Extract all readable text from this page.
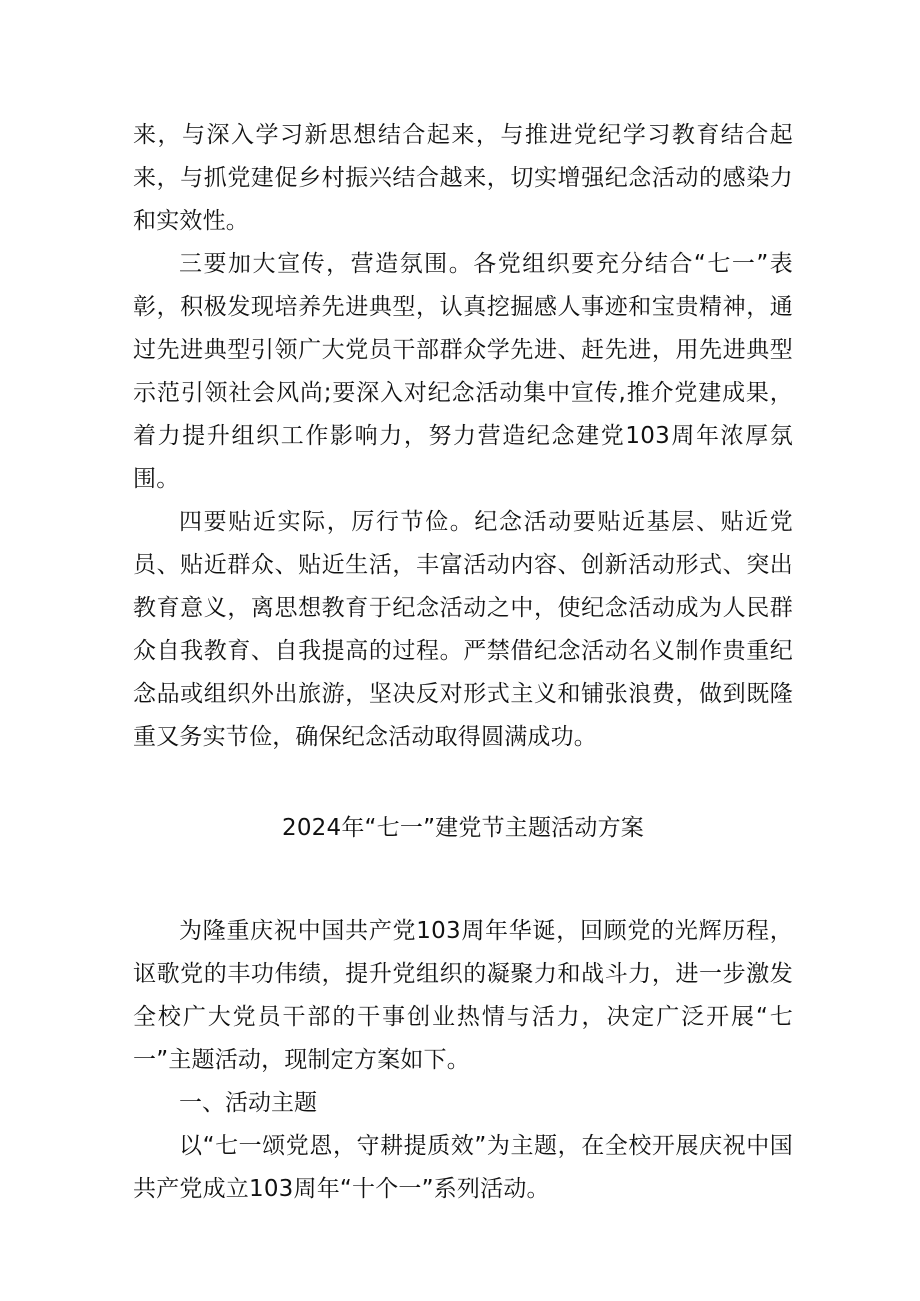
来，与深入学习新思想结合起来，与推进党纪学习教育结合起来，与抓党建促乡村振兴结合越来，切实增强纪念活动的感染力和实效性。

三要加大宣传，营造氛围。各党组织要充分结合“七一”表彰，积极发现培养先进典型，认真挖掘感人事迹和宝贵精神，通过先进典型引领广大党员干部群众学先进、赶先进，用先进典型示范引领社会风尚;要深入对纪念活动集中宣传,推介党建成果，着力提升组织工作影响力，努力营造纪念建党103周年浓厚氛围。

四要贴近实际，厉行节俭。纪念活动要贴近基层、贴近党员、贴近群众、贴近生活，丰富活动内容、创新活动形式、突出教育意义，离思想教育于纪念活动之中，使纪念活动成为人民群众自我教育、自我提高的过程。严禁借纪念活动名义制作贵重纪念品或组织外出旅游，坚决反对形式主义和铺张浪费，做到既隆重又务实节俭，确保纪念活动取得圆满成功。

2024年“七一”建党节主题活动方案

为隆重庆祝中国共产党103周年华诞，回顾党的光辉历程，讴歌党的丰功伟绩，提升党组织的凝聚力和战斗力，进一步激发全校广大党员干部的干事创业热情与活力，决定广泛开展“七一”主题活动，现制定方案如下。

一、活动主题

以“七一颂党恩，守耕提质效”为主题，在全校开展庆祝中国共产党成立103周年“十个一”系列活动。
